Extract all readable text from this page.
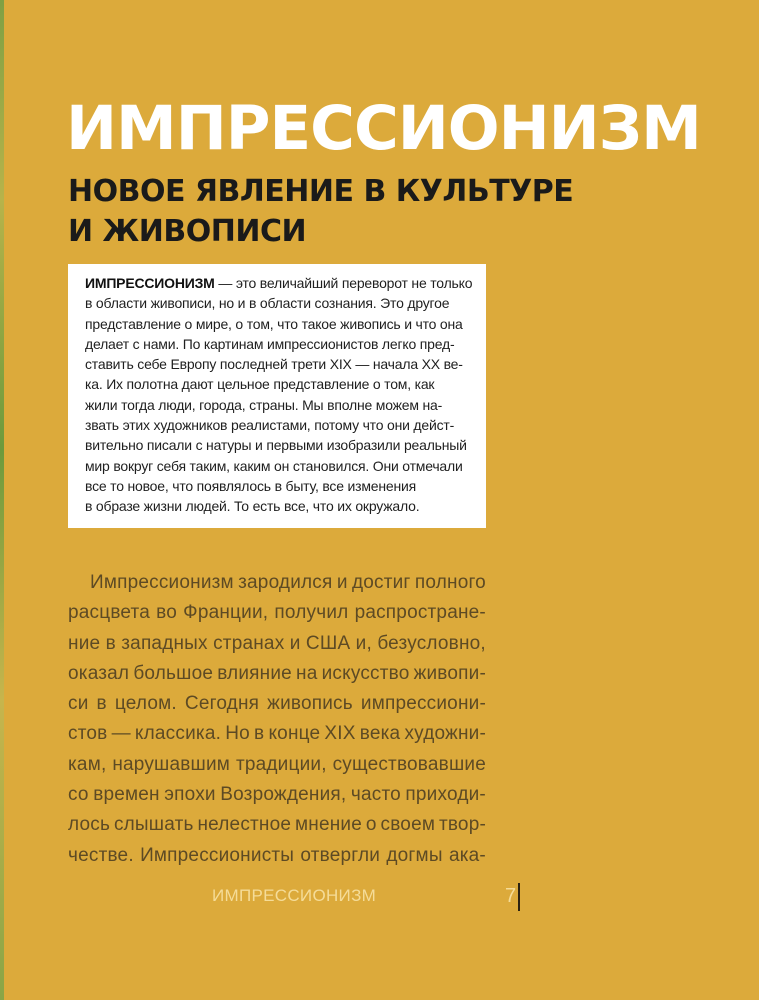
ИМПРЕССИОНИЗМ
НОВОЕ ЯВЛЕНИЕ В КУЛЬТУРЕ
И ЖИВОПИСИ
ИМПРЕССИОНИЗМ — это величайший переворот не только
в области живописи, но и в области сознания. Это другое
представление о мире, о том, что такое живопись и что она
делает с нами. По картинам импрессионистов легко пред-
ставить себе Европу последней трети XIX — начала XX ве-
ка. Их полотна дают цельное представление о том, как
жили тогда люди, города, страны. Мы вполне можем на-
звать этих художников реалистами, потому что они дейст-
вительно писали с натуры и первыми изобразили реальный
мир вокруг себя таким, каким он становился. Они отмечали
все то новое, что появлялось в быту, все изменения
в образе жизни людей. То есть все, что их окружало.
Импрессионизм зародился и достиг полного
расцвета во Франции, получил распростране-
ние в западных странах и США и, безусловно,
оказал большое влияние на искусство живопи-
си в целом. Сегодня живопись импрессиони-
стов — классика. Но в конце XIX века художни-
кам, нарушавшим традиции, существовавшие
со времен эпохи Возрождения, часто приходи-
лось слышать нелестное мнение о своем твор-
честве. Импрессионисты отвергли догмы ака-
ИМПРЕССИОНИЗМ	7
